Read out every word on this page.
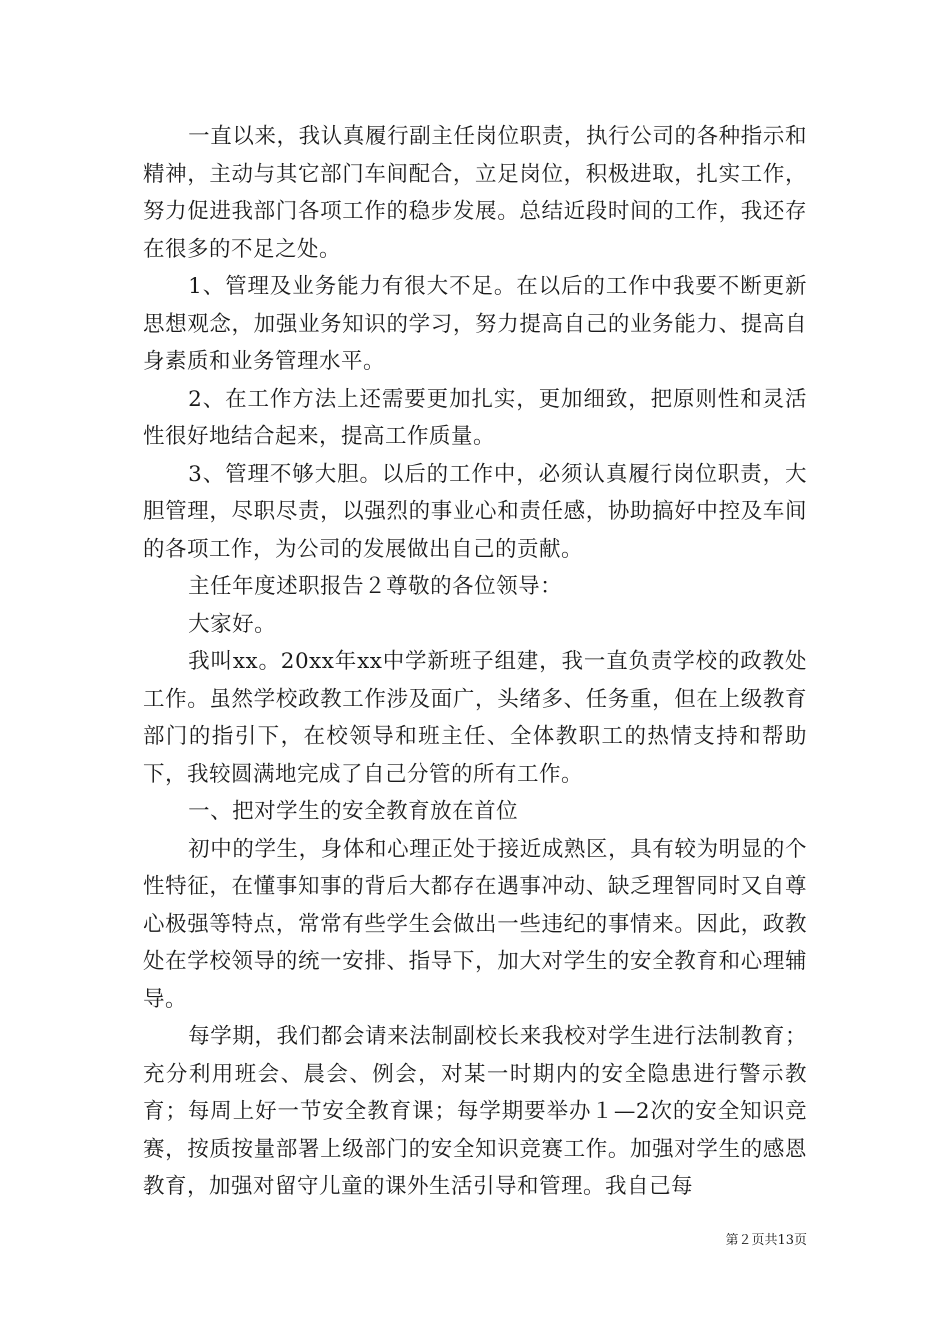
一直以来，我认真履行副主任岗位职责，执行公司的各种指示和精神，主动与其它部门车间配合，立足岗位，积极进取，扎实工作，努力促进我部门各项工作的稳步发展。总结近段时间的工作，我还存在很多的不足之处。

1、管理及业务能力有很大不足。在以后的工作中我要不断更新思想观念，加强业务知识的学习，努力提高自己的业务能力、提高自身素质和业务管理水平。

2、在工作方法上还需要更加扎实，更加细致，把原则性和灵活性很好地结合起来，提高工作质量。

3、管理不够大胆。以后的工作中，必须认真履行岗位职责，大胆管理，尽职尽责，以强烈的事业心和责任感，协助搞好中控及车间的各项工作，为公司的发展做出自己的贡献。

主任年度述职报告２尊敬的各位领导：

大家好。

我叫xx。20xx年xx中学新班子组建，我一直负责学校的政教处工作。虽然学校政教工作涉及面广，头绪多、任务重，但在上级教育部门的指引下，在校领导和班主任、全体教职工的热情支持和帮助下，我较圆满地完成了自己分管的所有工作。

一、把对学生的安全教育放在首位

初中的学生，身体和心理正处于接近成熟区，具有较为明显的个性特征，在懂事知事的背后大都存在遇事冲动、缺乏理智同时又自尊心极强等特点，常常有些学生会做出一些违纪的事情来。因此，政教处在学校领导的统一安排、指导下，加大对学生的安全教育和心理辅导。

每学期，我们都会请来法制副校长来我校对学生进行法制教育；充分利用班会、晨会、例会，对某一时期内的安全隐患进行警示教育；每周上好一节安全教育课；每学期要举办１—2次的安全知识竞赛，按质按量部署上级部门的安全知识竞赛工作。加强对学生的感恩教育，加强对留守儿童的课外生活引导和管理。我自己每

第２页共13页
